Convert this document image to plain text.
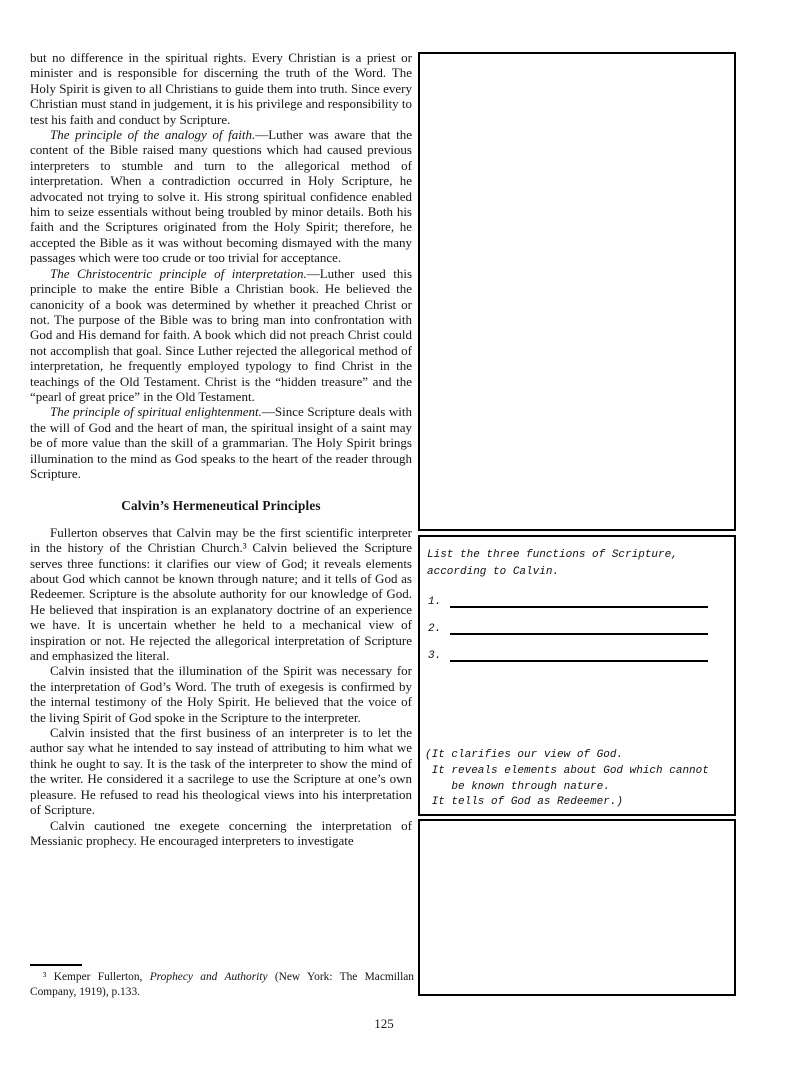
but no difference in the spiritual rights. Every Christian is a priest or minister and is responsible for discerning the truth of the Word. The Holy Spirit is given to all Christians to guide them into truth. Since every Christian must stand in judgement, it is his privilege and responsibility to test his faith and conduct by Scripture.

The principle of the analogy of faith.—Luther was aware that the content of the Bible raised many questions which had caused previous interpreters to stumble and turn to the allegorical method of interpretation. When a contradiction occurred in Holy Scripture, he advocated not trying to solve it. His strong spiritual confidence enabled him to seize essentials without being troubled by minor details. Both his faith and the Scriptures originated from the Holy Spirit; therefore, he accepted the Bible as it was without becoming dismayed with the many passages which were too crude or too trivial for acceptance.

The Christocentric principle of interpretation.—Luther used this principle to make the entire Bible a Christian book. He believed the canonicity of a book was determined by whether it preached Christ or not. The purpose of the Bible was to bring man into confrontation with God and His demand for faith. A book which did not preach Christ could not accomplish that goal. Since Luther rejected the allegorical method of interpretation, he frequently employed typology to find Christ in the teachings of the Old Testament. Christ is the “hidden treasure” and the “pearl of great price” in the Old Testament.

The principle of spiritual enlightenment.—Since Scripture deals with the will of God and the heart of man, the spiritual insight of a saint may be of more value than the skill of a grammarian. The Holy Spirit brings illumination to the mind as God speaks to the heart of the reader through Scripture.

Calvin’s Hermeneutical Principles

Fullerton observes that Calvin may be the first scientific interpreter in the history of the Christian Church.³ Calvin believed the Scripture serves three functions: it clarifies our view of God; it reveals elements about God which cannot be known through nature; and it tells of God as Redeemer. Scripture is the absolute authority for our knowledge of God. He believed that inspiration is an explanatory doctrine of an experience we have. It is uncertain whether he held to a mechanical view of inspiration or not. He rejected the allegorical interpretation of Scripture and emphasized the literal.

Calvin insisted that the illumination of the Spirit was necessary for the interpretation of God’s Word. The truth of exegesis is confirmed by the internal testimony of the Holy Spirit. He believed that the voice of the living Spirit of God spoke in the Scripture to the interpreter.

Calvin insisted that the first business of an interpreter is to let the author say what he intended to say instead of attributing to him what we think he ought to say. It is the task of the interpreter to show the mind of the writer. He considered it a sacrilege to use the Scripture at one’s own pleasure. He refused to read his theological views into his interpretation of Scripture.

Calvin cautioned tne exegete concerning the interpretation of Messianic prophecy. He encouraged interpreters to investigate

³ Kemper Fullerton, Prophecy and Authority (New York: The Macmillan Company, 1919), p.133.
125
List the three functions of Scripture,
according to Calvin.
1.
2.
3.
(It clarifies our view of God.
It reveals elements about God which cannot
be known through nature.
It tells of God as Redeemer.)
